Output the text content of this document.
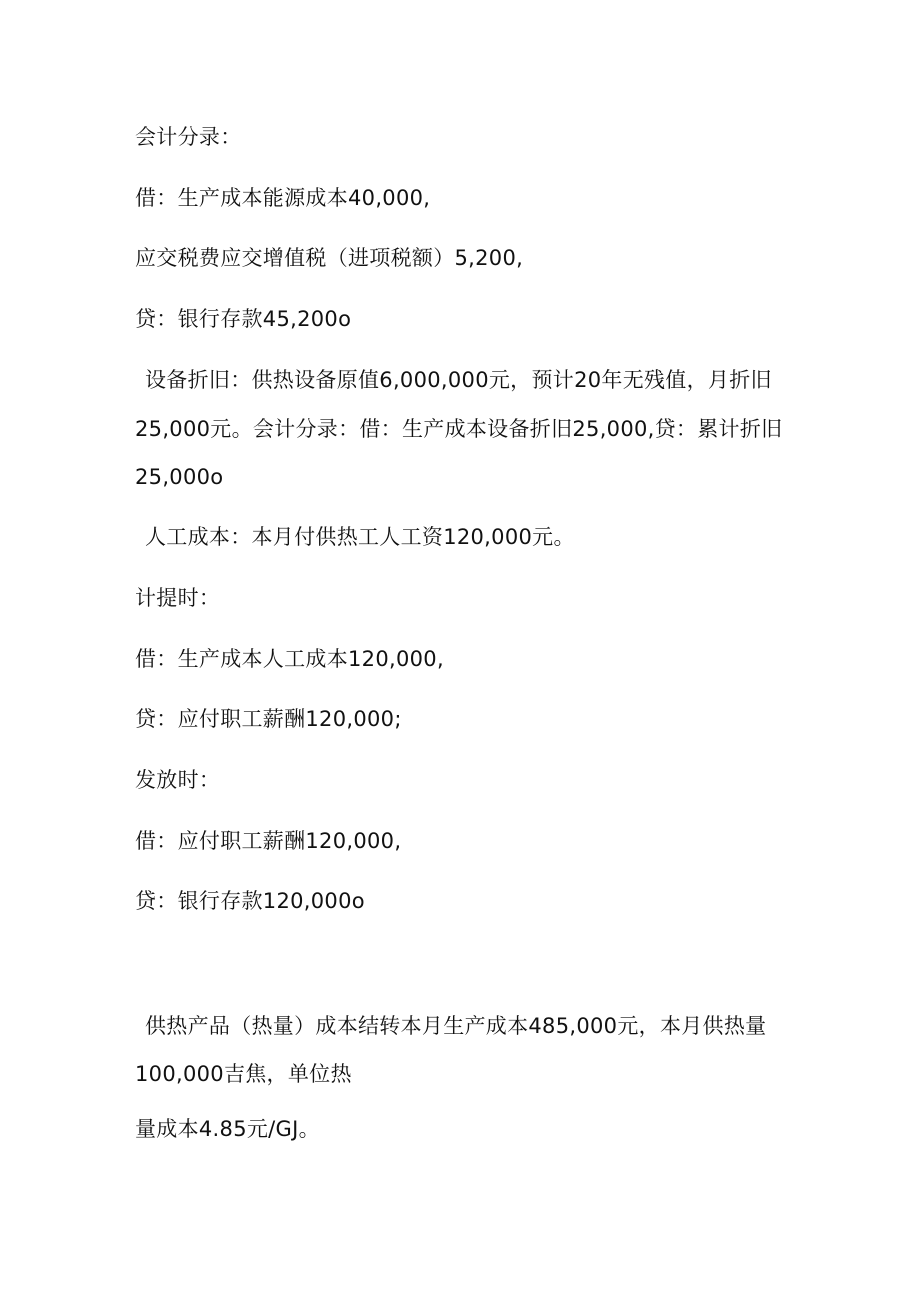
会计分录：
借：生产成本能源成本40,000,
应交税费应交增值税（进项税额）5,200,
贷：银行存款45,200o
设备折旧：供热设备原值6,000,000元，预计20年无残值，月折旧
25,000元。会计分录：借：生产成本设备折旧25,000,贷：累计折旧
25,000o
人工成本：本月付供热工人工资120,000元。
计提时：
借：生产成本人工成本120,000,
贷：应付职工薪酬120,000;
发放时：
借：应付职工薪酬120,000,
贷：银行存款120,000o
供热产品（热量）成本结转本月生产成本485,000元，本月供热量
100,000吉焦，单位热
量成本4.85元/GJ。
